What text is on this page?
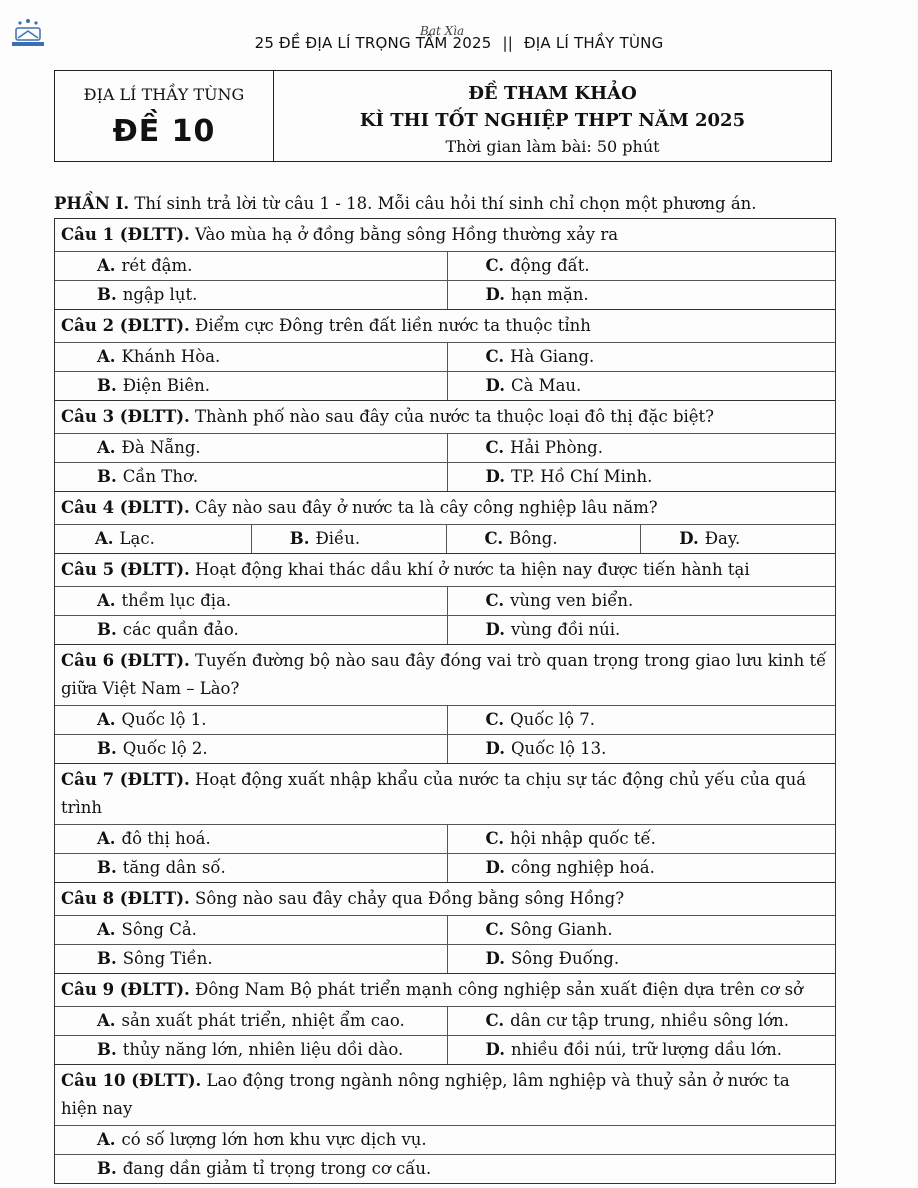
Bạt Xìa
25 ĐỀ ĐỊA LÍ TRỌNG TÂM 2025 || ĐỊA LÍ THẦY TÙNG
ĐỊA LÍ THẦY TÙNG
ĐỀ 10
ĐỀ THAM KHẢO
KÌ THI TỐT NGHIỆP THPT NĂM 2025
Thời gian làm bài: 50 phút
PHẦN I. Thí sinh trả lời từ câu 1 - 18. Mỗi câu hỏi thí sinh chỉ chọn một phương án.
Câu 1 (ĐLTT). Vào mùa hạ ở đồng bằng sông Hồng thường xảy ra
A. rét đậm.	C. động đất.
B. ngập lụt.	D. hạn mặn.
Câu 2 (ĐLTT). Điểm cực Đông trên đất liền nước ta thuộc tỉnh
A. Khánh Hòa.	C. Hà Giang.
B. Điện Biên.	D. Cà Mau.
Câu 3 (ĐLTT). Thành phố nào sau đây của nước ta thuộc loại đô thị đặc biệt?
A. Đà Nẵng.	C. Hải Phòng.
B. Cần Thơ.	D. TP. Hồ Chí Minh.
Câu 4 (ĐLTT). Cây nào sau đây ở nước ta là cây công nghiệp lâu năm?
A. Lạc.	B. Điều.	C. Bông.	D. Đay.
Câu 5 (ĐLTT). Hoạt động khai thác dầu khí ở nước ta hiện nay được tiến hành tại
A. thềm lục địa.	C. vùng ven biển.
B. các quần đảo.	D. vùng đồi núi.
Câu 6 (ĐLTT). Tuyến đường bộ nào sau đây đóng vai trò quan trọng trong giao lưu kinh tế giữa Việt Nam – Lào?
A. Quốc lộ 1.	C. Quốc lộ 7.
B. Quốc lộ 2.	D. Quốc lộ 13.
Câu 7 (ĐLTT). Hoạt động xuất nhập khẩu của nước ta chịu sự tác động chủ yếu của quá trình
A. đô thị hoá.	C. hội nhập quốc tế.
B. tăng dân số.	D. công nghiệp hoá.
Câu 8 (ĐLTT). Sông nào sau đây chảy qua Đồng bằng sông Hồng?
A. Sông Cả.	C. Sông Gianh.
B. Sông Tiền.	D. Sông Đuống.
Câu 9 (ĐLTT). Đông Nam Bộ phát triển mạnh công nghiệp sản xuất điện dựa trên cơ sở
A. sản xuất phát triển, nhiệt ẩm cao.	C. dân cư tập trung, nhiều sông lớn.
B. thủy năng lớn, nhiên liệu dồi dào.	D. nhiều đồi núi, trữ lượng dầu lớn.
Câu 10 (ĐLTT). Lao động trong ngành nông nghiệp, lâm nghiệp và thuỷ sản ở nước ta hiện nay
A. có số lượng lớn hơn khu vực dịch vụ.
B. đang dần giảm tỉ trọng trong cơ cấu.
